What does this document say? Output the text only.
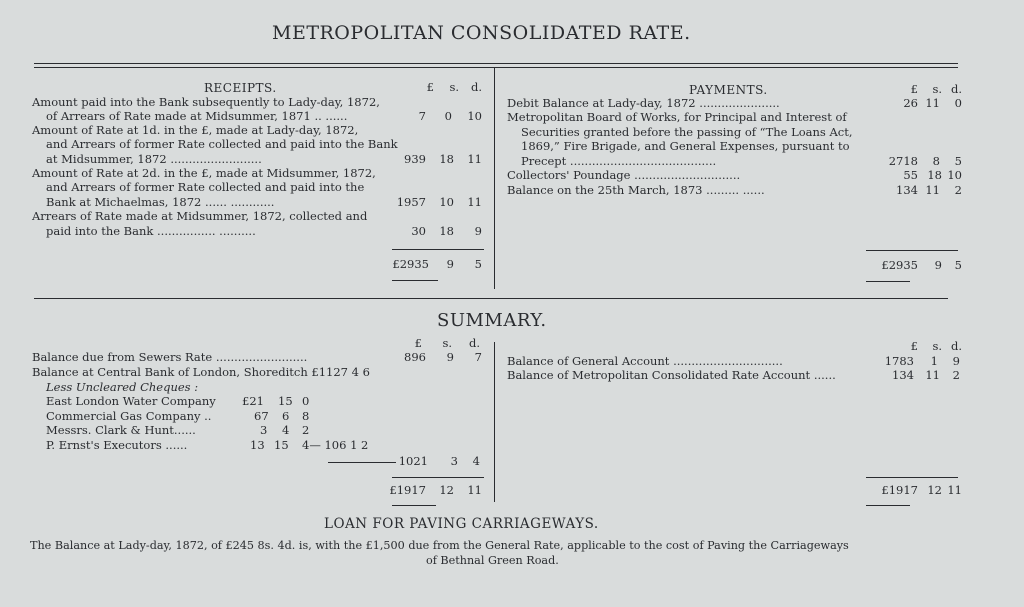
METROPOLITAN CONSOLIDATED RATE.
RECEIPTS.	£ s. d.
Amount paid into the Bank subsequently to Lady-day, 1872,
of Arrears of Rate made at Midsummer, 1871 .. ......	7 0 10
Amount of Rate at 1d. in the £, made at Lady-day, 1872,
and Arrears of former Rate collected and paid into the Bank
at Midsummer, 1872 .........................	939 18 11
Amount of Rate at 2d. in the £, made at Midsummer, 1872,
and Arrears of former Rate collected and paid into the
Bank at Michaelmas, 1872 ...... ............	1957 10 11
Arrears of Rate made at Midsummer, 1872, collected and
paid into the Bank ................ ..........	30 18 9
£2935 9 5
PAYMENTS.	£ s. d.
Debit Balance at Lady-day, 1872 ......................	26 11 0
Metropolitan Board of Works, for Principal and Interest of
Securities granted before the passing of “The Loans Act,
1869,” Fire Brigade, and General Expenses, pursuant to
Precept ........................................	2718 8 5
Collectors' Poundage .............................	55 18 10
Balance on the 25th March, 1873 ......... ......	134 11 2
£2935 9 5
SUMMARY.
£ s. d.	£ s. d.
Balance due from Sewers Rate .........................	896 9 7
Balance at Central Bank of London, Shoreditch £1127 4 6
Less Uncleared Cheques :
East London Water Company £21 15 0
Commercial Gas Company ..	67 6 8
Messrs. Clark & Hunt......	3 4 2
P. Ernst's Executors ......	13 15 4— 106 1 2
1021 3 4
£1917 12 11
Balance of General Account ..............................	1783 1 9
Balance of Metropolitan Consolidated Rate Account ......	134 11 2
£1917 12 11
LOAN FOR PAVING CARRIAGEWAYS.
The Balance at Lady-day, 1872, of £245 8s. 4d. is, with the £1,500 due from the General Rate, applicable to the cost of Paving the Carriageways
of Bethnal Green Road.
